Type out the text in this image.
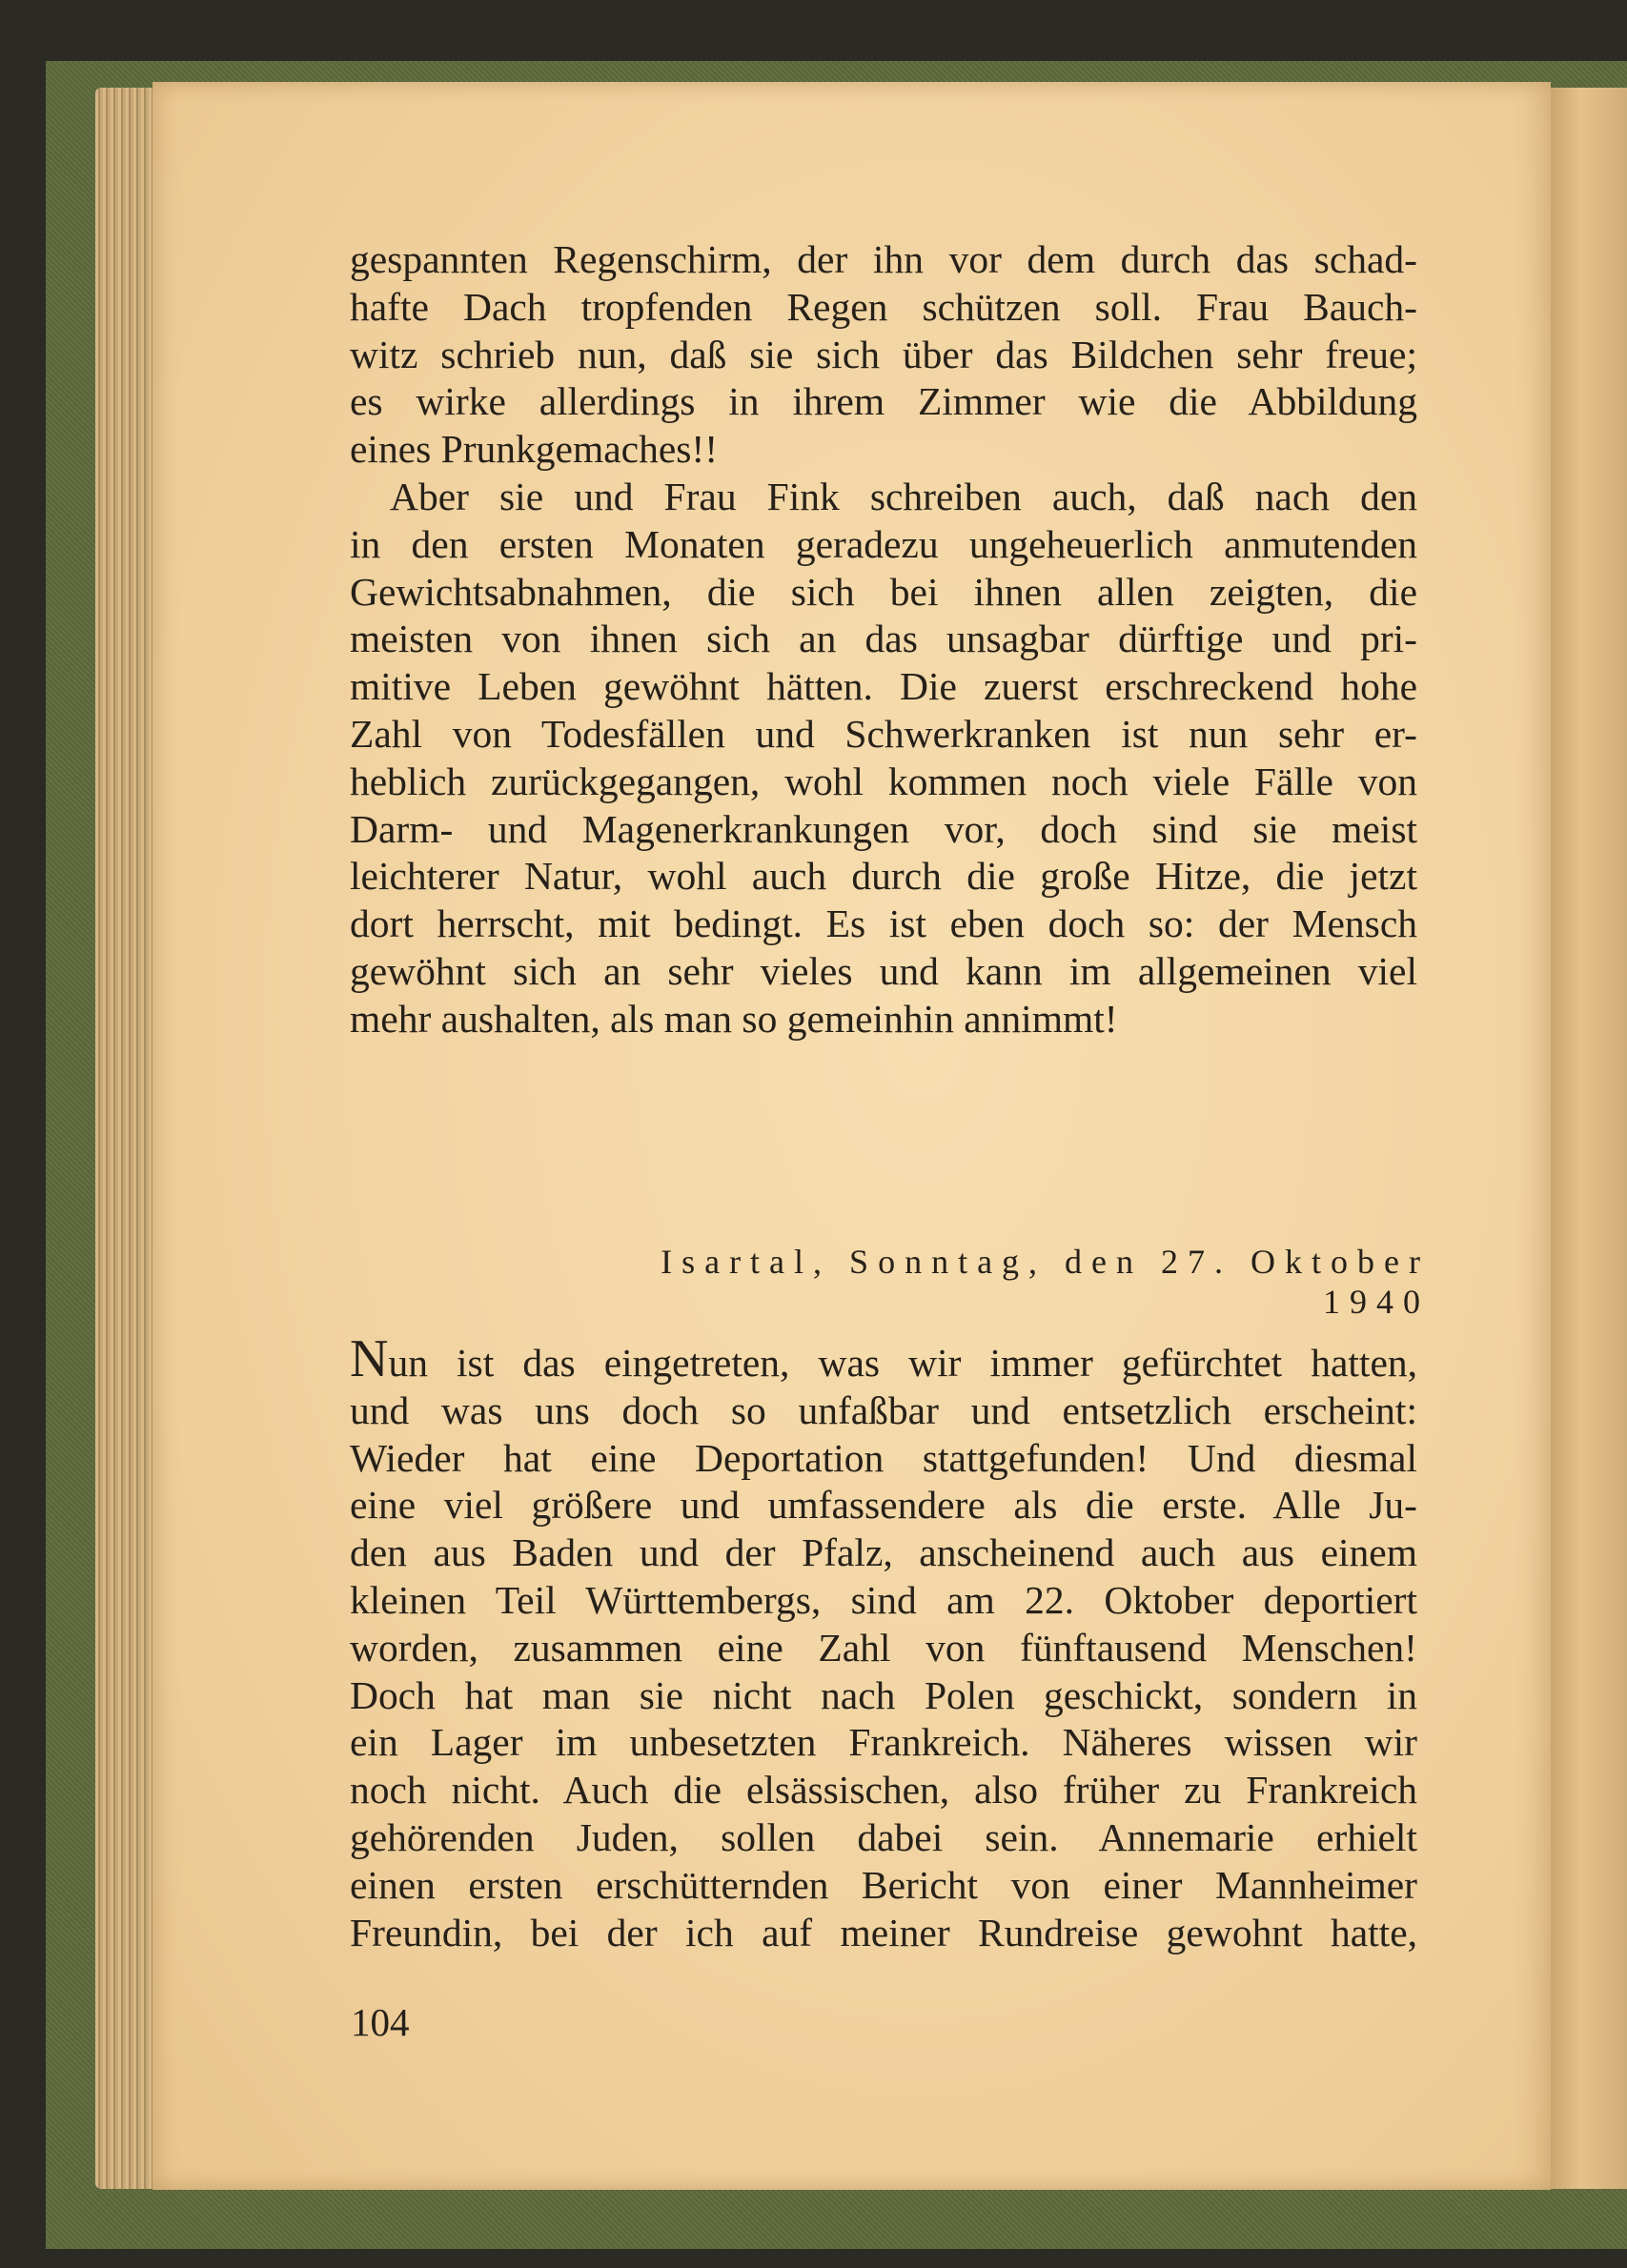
gespannten Regenschirm, der ihn vor dem durch das schad-
hafte Dach tropfenden Regen schützen soll. Frau Bauch-
witz schrieb nun, daß sie sich über das Bildchen sehr freue;
es wirke allerdings in ihrem Zimmer wie die Abbildung
eines Prunkgemaches!!

Aber sie und Frau Fink schreiben auch, daß nach den
in den ersten Monaten geradezu ungeheuerlich anmutenden
Gewichtsabnahmen, die sich bei ihnen allen zeigten, die
meisten von ihnen sich an das unsagbar dürftige und pri-
mitive Leben gewöhnt hätten. Die zuerst erschreckend hohe
Zahl von Todesfällen und Schwerkranken ist nun sehr er-
heblich zurückgegangen, wohl kommen noch viele Fälle von
Darm- und Magenerkrankungen vor, doch sind sie meist
leichterer Natur, wohl auch durch die große Hitze, die jetzt
dort herrscht, mit bedingt. Es ist eben doch so: der Mensch
gewöhnt sich an sehr vieles und kann im allgemeinen viel
mehr aushalten, als man so gemeinhin annimmt!

Isartal, Sonntag, den 27. Oktober 1940
Nun ist das eingetreten, was wir immer gefürchtet hatten,
und was uns doch so unfaßbar und entsetzlich erscheint:
Wieder hat eine Deportation stattgefunden! Und diesmal
eine viel größere und umfassendere als die erste. Alle Ju-
den aus Baden und der Pfalz, anscheinend auch aus einem
kleinen Teil Württembergs, sind am 22. Oktober deportiert
worden, zusammen eine Zahl von fünftausend Menschen!
Doch hat man sie nicht nach Polen geschickt, sondern in
ein Lager im unbesetzten Frankreich. Näheres wissen wir
noch nicht. Auch die elsässischen, also früher zu Frankreich
gehörenden Juden, sollen dabei sein. Annemarie erhielt
einen ersten erschütternden Bericht von einer Mannheimer
Freundin, bei der ich auf meiner Rundreise gewohnt hatte,
104
